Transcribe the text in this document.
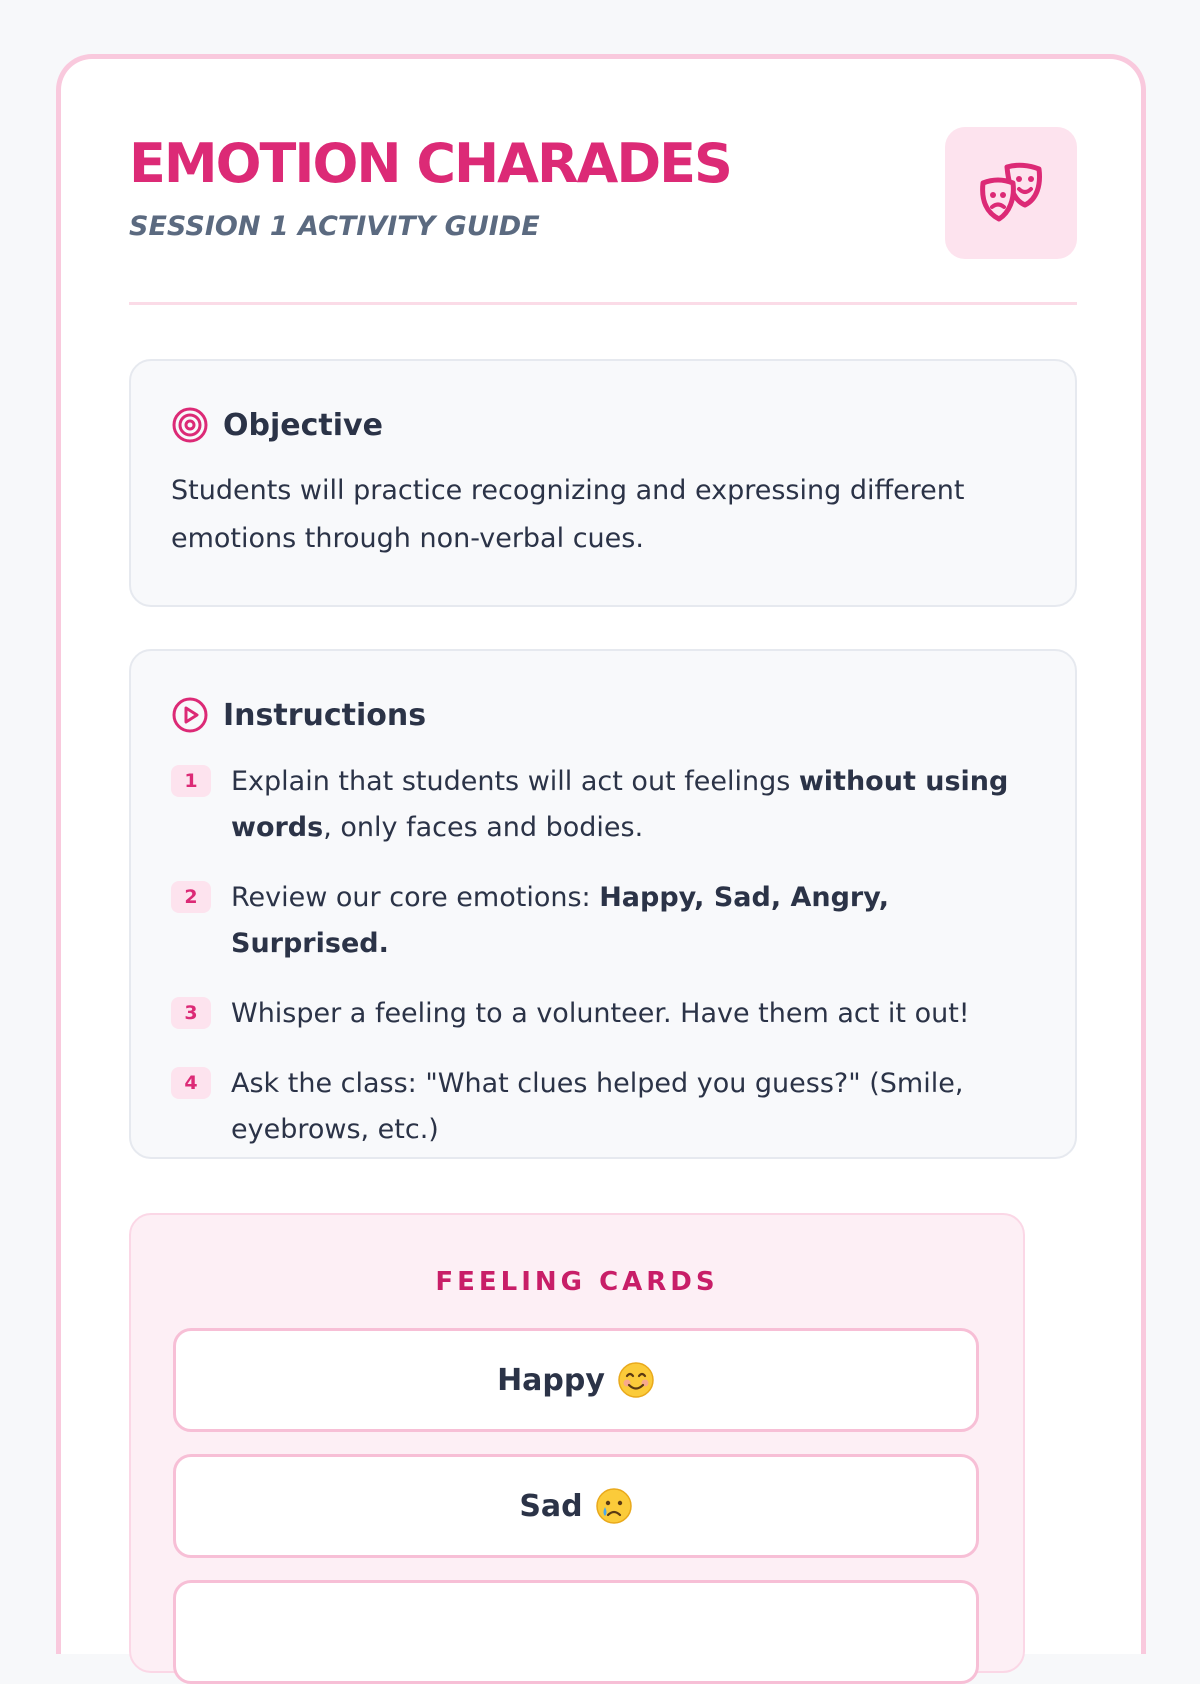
EMOTION CHARADES
SESSION 1 ACTIVITY GUIDE
Objective
Students will practice recognizing and expressing different emotions through non-verbal cues.
Instructions
1	Explain that students will act out feelings without using words, only faces and bodies.
2	Review our core emotions: Happy, Sad, Angry, Surprised.
3	Whisper a feeling to a volunteer. Have them act it out!
4	Ask the class: "What clues helped you guess?" (Smile, eyebrows, etc.)
FEELING CARDS
Happy
Sad
